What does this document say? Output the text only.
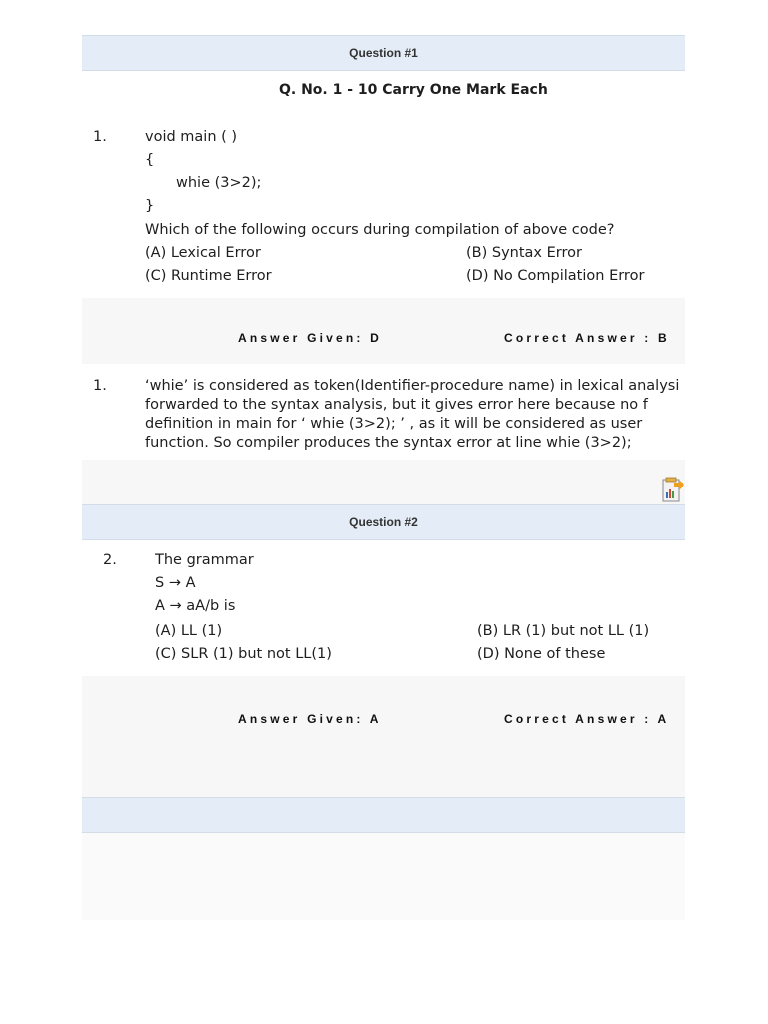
Question #1
Q. No. 1 - 10 Carry One Mark Each
1.	void main ( )
{
whie (3>2);
}
Which of the following occurs during compilation of above code?
(A) Lexical Error	(B) Syntax Error
(C) Runtime Error	(D) No Compilation Error
Answer Given: D	Correct Answer : B
1.	‘whie’ is considered as token(Identifier-procedure name) in lexical analysi
forwarded to the syntax analysis, but it gives error here because no f
definition in main for ‘ whie (3>2); ’ , as it will be considered as user
function. So compiler produces the syntax error at line whie (3>2);
Question #2
2.	The grammar
S → A
A → aA/b is
(A) LL (1)	(B) LR (1) but not LL (1)
(C) SLR (1) but not LL(1)	(D) None of these
Answer Given: A	Correct Answer : A
